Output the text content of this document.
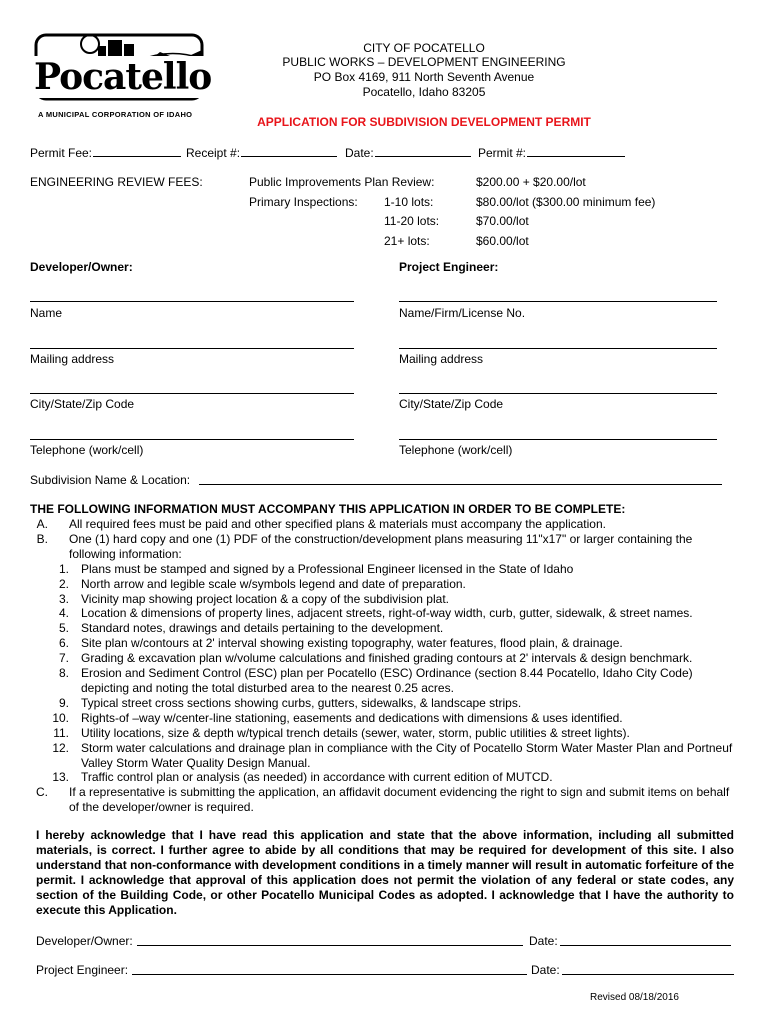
Pocatello
A MUNICIPAL CORPORATION OF IDAHO
CITY OF POCATELLO
PUBLIC WORKS – DEVELOPMENT ENGINEERING
PO Box 4169, 911 North Seventh Avenue
Pocatello, Idaho 83205
APPLICATION FOR SUBDIVISION DEVELOPMENT PERMIT
Permit Fee:	Receipt #:	Date:	Permit #:
ENGINEERING REVIEW FEES:	Public Improvements Plan Review:	$200.00 + $20.00/lot
Primary Inspections: 1-10 lots:	$80.00/lot ($300.00 minimum fee)
11-20 lots:	$70.00/lot
21+ lots:	$60.00/lot
Developer/Owner:	Project Engineer:
Name	Name/Firm/License No.
Mailing address	Mailing address
City/State/Zip Code	City/State/Zip Code
Telephone (work/cell)	Telephone (work/cell)
Subdivision Name & Location:
THE FOLLOWING INFORMATION MUST ACCOMPANY THIS APPLICATION IN ORDER TO BE COMPLETE:
A.	All required fees must be paid and other specified plans & materials must accompany the application.
B.	One (1) hard copy and one (1) PDF of the construction/development plans measuring 11"x17" or larger containing the following information:
1.	Plans must be stamped and signed by a Professional Engineer licensed in the State of Idaho
2.	North arrow and legible scale w/symbols legend and date of preparation.
3.	Vicinity map showing project location & a copy of the subdivision plat.
4.	Location & dimensions of property lines, adjacent streets, right-of-way width, curb, gutter, sidewalk, & street names.
5.	Standard notes, drawings and details pertaining to the development.
6.	Site plan w/contours at 2' interval showing existing topography, water features, flood plain, & drainage.
7.	Grading & excavation plan w/volume calculations and finished grading contours at 2' intervals & design benchmark.
8.	Erosion and Sediment Control (ESC) plan per Pocatello (ESC) Ordinance (section 8.44 Pocatello, Idaho City Code) depicting and noting the total disturbed area to the nearest 0.25 acres.
9.	Typical street cross sections showing curbs, gutters, sidewalks, & landscape strips.
10.	Rights-of –way w/center-line stationing, easements and dedications with dimensions & uses identified.
11.	Utility locations, size & depth w/typical trench details (sewer, water, storm, public utilities & street lights).
12.	Storm water calculations and drainage plan in compliance with the City of Pocatello Storm Water Master Plan and Portneuf Valley Storm Water Quality Design Manual.
13.	Traffic control plan or analysis (as needed) in accordance with current edition of MUTCD.
C.	If a representative is submitting the application, an affidavit document evidencing the right to sign and submit items on behalf of the developer/owner is required.
I hereby acknowledge that I have read this application and state that the above information, including all submitted materials, is correct. I further agree to abide by all conditions that may be required for development of this site. I also understand that non-conformance with development conditions in a timely manner will result in automatic forfeiture of the permit. I acknowledge that approval of this application does not permit the violation of any federal or state codes, any section of the Building Code, or other Pocatello Municipal Codes as adopted. I acknowledge that I have the authority to execute this Application.
Developer/Owner:	Date:
Project Engineer:	Date:
Revised 08/18/2016
